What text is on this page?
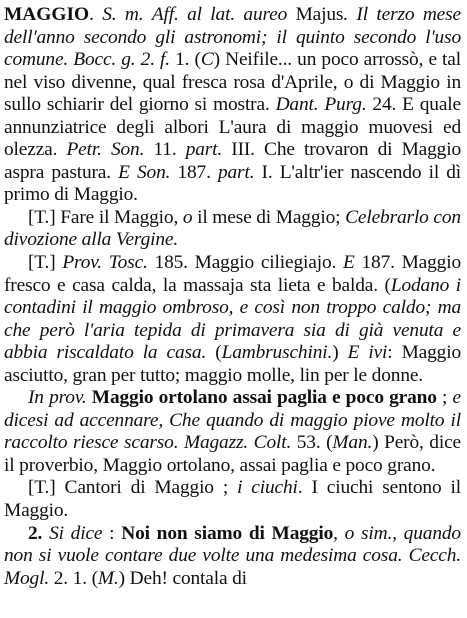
MAGGIO. S. m. Aff. al lat. aureo Majus. Il terzo mese dell'anno secondo gli astronomi; il quinto secondo l'uso comune. Bocc. g. 2. f. 1. (C) Neifile... un poco arrossò, e tal nel viso divenne, qual fresca rosa d'Aprile, o di Maggio in sullo schiarir del giorno si mostra. Dant. Purg. 24. E quale annunziatrice degli albori L'aura di maggio muovesi ed olezza. Petr. Son. 11. part. III. Che trovaron di Maggio aspra pastura. E Son. 187. part. I. L'altr'ier nascendo il dì primo di Maggio.

[T.] Fare il Maggio, o il mese di Maggio; Celebrarlo con divozione alla Vergine.

[T.] Prov. Tosc. 185. Maggio ciliegiajo. E 187. Maggio fresco e casa calda, la massaja sta lieta e balda. (Lodano i contadini il maggio ombroso, e così non troppo caldo; ma che però l'aria tepida di primavera sia di già venuta e abbia riscaldato la casa. (Lambruschini.) E ivi: Maggio asciutto, gran per tutto; maggio molle, lin per le donne.

In prov. Maggio ortolano assai paglia e poco grano ; e dicesi ad accennare, Che quando di maggio piove molto il raccolto riesce scarso. Magazz. Colt. 53. (Man.) Però, dice il proverbio, Maggio ortolano, assai paglia e poco grano.

[T.] Cantori di Maggio ; i ciuchi. I ciuchi sentono il Maggio.

2. Si dice : Noi non siamo di Maggio, o sim., quando non si vuole contare due volte una medesima cosa. Cecch. Mogl. 2. 1. (M.) Deh! contala di
